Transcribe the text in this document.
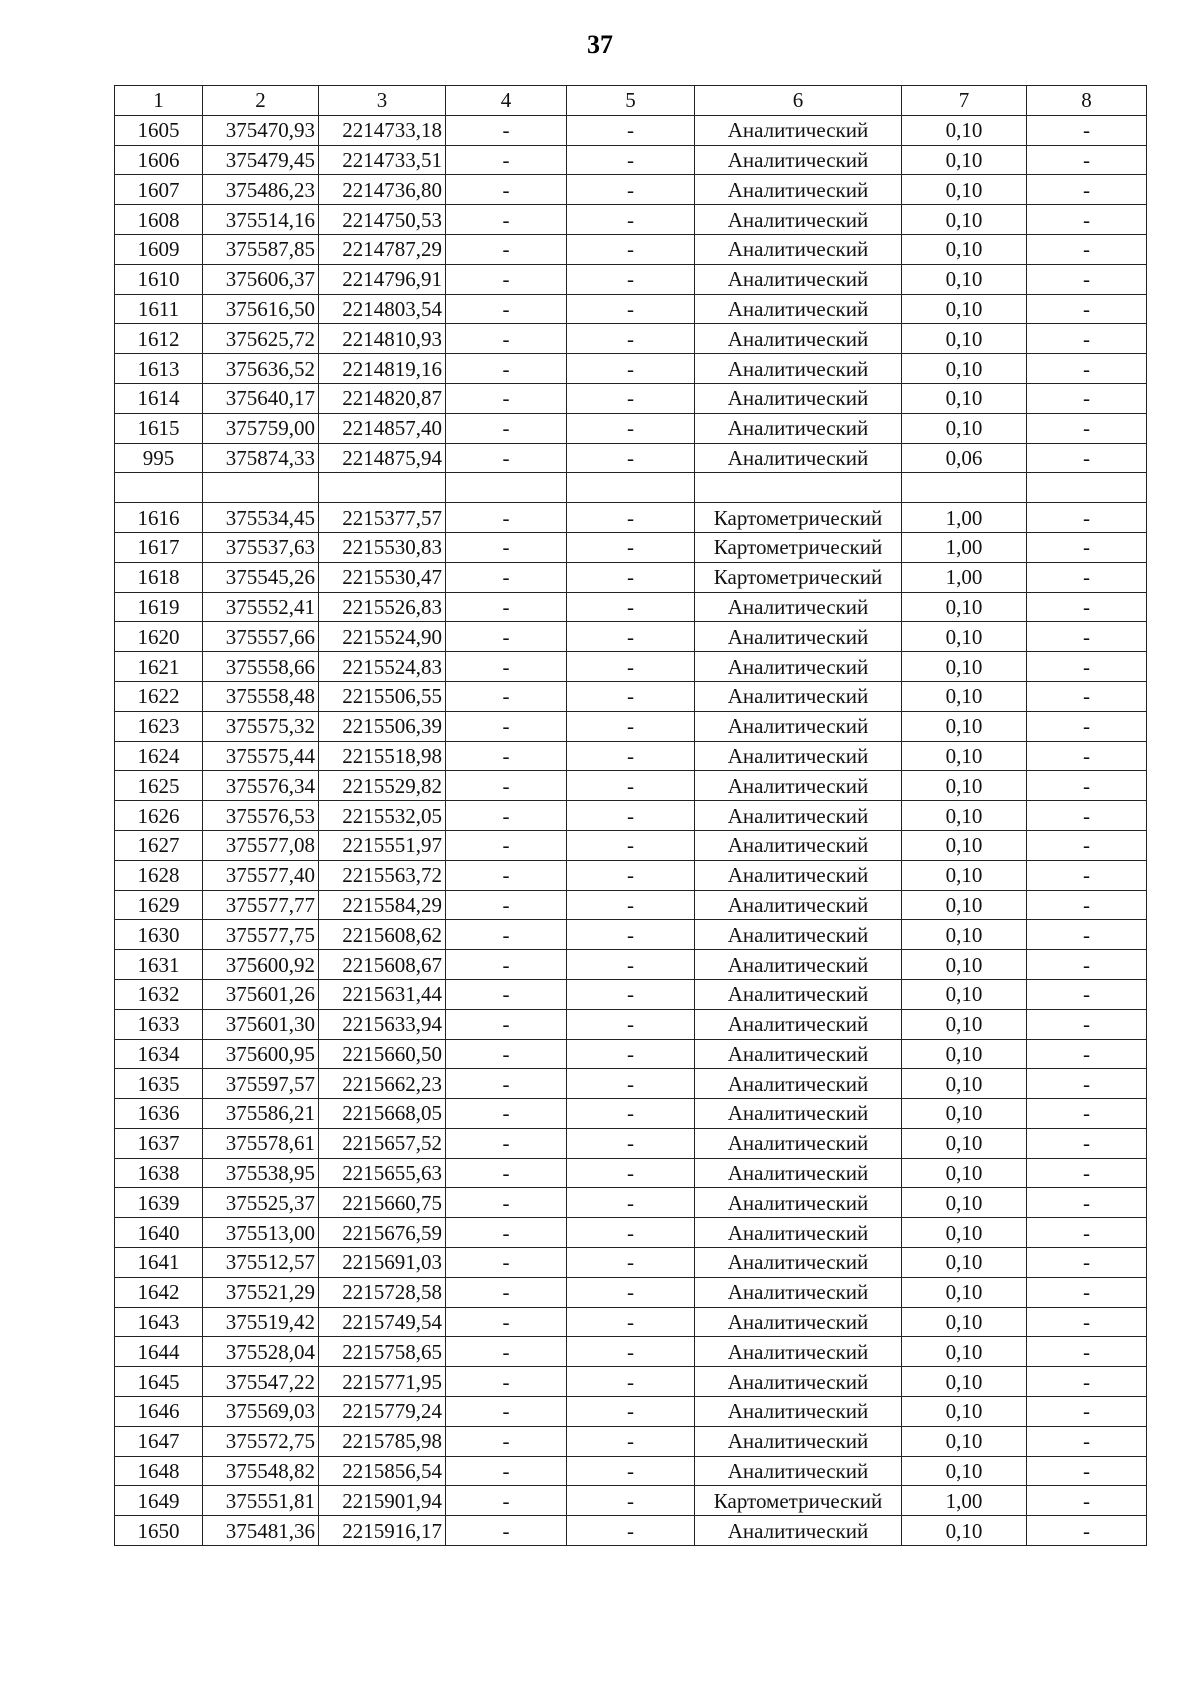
37
1	2	3	4	5	6	7	8
1605	375470,93	2214733,18	-	-	Аналитический	0,10	-
1606	375479,45	2214733,51	-	-	Аналитический	0,10	-
1607	375486,23	2214736,80	-	-	Аналитический	0,10	-
1608	375514,16	2214750,53	-	-	Аналитический	0,10	-
1609	375587,85	2214787,29	-	-	Аналитический	0,10	-
1610	375606,37	2214796,91	-	-	Аналитический	0,10	-
1611	375616,50	2214803,54	-	-	Аналитический	0,10	-
1612	375625,72	2214810,93	-	-	Аналитический	0,10	-
1613	375636,52	2214819,16	-	-	Аналитический	0,10	-
1614	375640,17	2214820,87	-	-	Аналитический	0,10	-
1615	375759,00	2214857,40	-	-	Аналитический	0,10	-
995	375874,33	2214875,94	-	-	Аналитический	0,06	-

1616	375534,45	2215377,57	-	-	Картометрический	1,00	-
1617	375537,63	2215530,83	-	-	Картометрический	1,00	-
1618	375545,26	2215530,47	-	-	Картометрический	1,00	-
1619	375552,41	2215526,83	-	-	Аналитический	0,10	-
1620	375557,66	2215524,90	-	-	Аналитический	0,10	-
1621	375558,66	2215524,83	-	-	Аналитический	0,10	-
1622	375558,48	2215506,55	-	-	Аналитический	0,10	-
1623	375575,32	2215506,39	-	-	Аналитический	0,10	-
1624	375575,44	2215518,98	-	-	Аналитический	0,10	-
1625	375576,34	2215529,82	-	-	Аналитический	0,10	-
1626	375576,53	2215532,05	-	-	Аналитический	0,10	-
1627	375577,08	2215551,97	-	-	Аналитический	0,10	-
1628	375577,40	2215563,72	-	-	Аналитический	0,10	-
1629	375577,77	2215584,29	-	-	Аналитический	0,10	-
1630	375577,75	2215608,62	-	-	Аналитический	0,10	-
1631	375600,92	2215608,67	-	-	Аналитический	0,10	-
1632	375601,26	2215631,44	-	-	Аналитический	0,10	-
1633	375601,30	2215633,94	-	-	Аналитический	0,10	-
1634	375600,95	2215660,50	-	-	Аналитический	0,10	-
1635	375597,57	2215662,23	-	-	Аналитический	0,10	-
1636	375586,21	2215668,05	-	-	Аналитический	0,10	-
1637	375578,61	2215657,52	-	-	Аналитический	0,10	-
1638	375538,95	2215655,63	-	-	Аналитический	0,10	-
1639	375525,37	2215660,75	-	-	Аналитический	0,10	-
1640	375513,00	2215676,59	-	-	Аналитический	0,10	-
1641	375512,57	2215691,03	-	-	Аналитический	0,10	-
1642	375521,29	2215728,58	-	-	Аналитический	0,10	-
1643	375519,42	2215749,54	-	-	Аналитический	0,10	-
1644	375528,04	2215758,65	-	-	Аналитический	0,10	-
1645	375547,22	2215771,95	-	-	Аналитический	0,10	-
1646	375569,03	2215779,24	-	-	Аналитический	0,10	-
1647	375572,75	2215785,98	-	-	Аналитический	0,10	-
1648	375548,82	2215856,54	-	-	Аналитический	0,10	-
1649	375551,81	2215901,94	-	-	Картометрический	1,00	-
1650	375481,36	2215916,17	-	-	Аналитический	0,10	-
